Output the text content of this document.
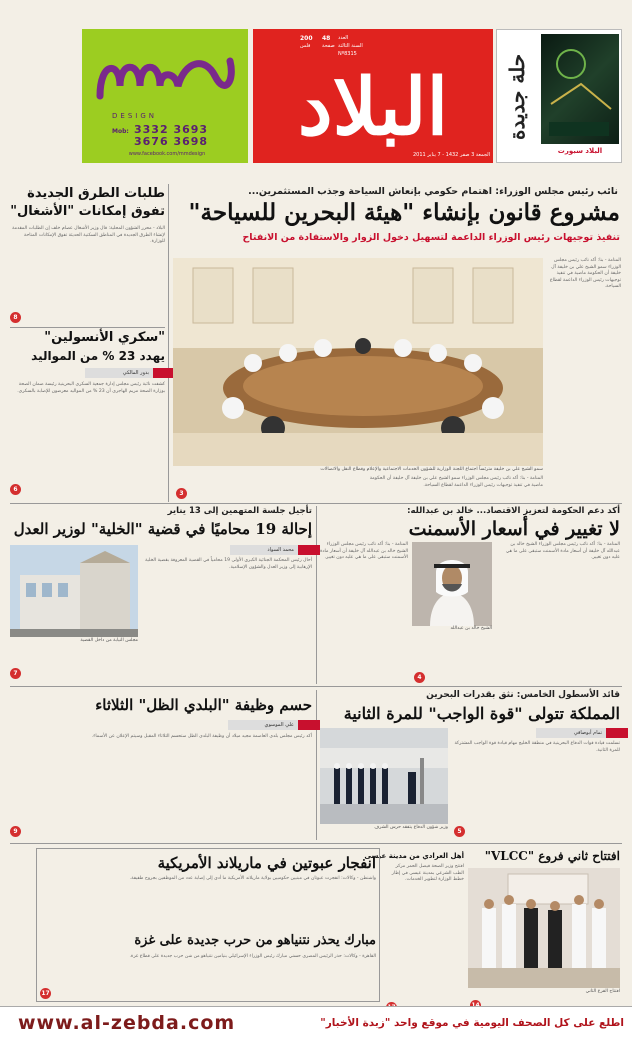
DESIGN
Mob: 3332 3693
3676 3698
www.facebook.com/mmdesign
البلاد
200
فلس
48
صفحة
العدد
السنة الثالثة
Nº8315
الجمعة 3 صفر 1432 - 7 يناير 2011
حلة جديدة
البلاد سبورت
نائب رئيس مجلس الوزراء: اهتمام حكومي بإنعاش السياحة وجذب المستثمرين...
مشروع قانون بإنشاء "هيئة البحرين للسياحة"
تنفيذ توجيهات رئيس الوزراء الداعمة لتسهيل دخول الزوار والاستفادة من الانفتاح
سمو الشيخ علي بن خليفة مترئساً اجتماع اللجنة الوزارية للشؤون الخدمات الاجتماعية والإعلام وقطاع النقل والاتصالات
3
المنامة - بنا: أكد نائب رئيس مجلس الوزراء سمو الشيخ علي بن خليفة آل خليفة أن الحكومة ماضية في تنفيذ توجيهات رئيس الوزراء الداعمة لقطاع السياحة.
المنامة - بنا: أكد نائب رئيس مجلس الوزراء سمو الشيخ علي بن خليفة آل خليفة أن الحكومة ماضية في تنفيذ توجيهات رئيس الوزراء الداعمة لقطاع السياحة.
طلبات الطرق الجديدة
تفوق إمكانات "الأشغال"
البلاد - محرر الشؤون المحلية: قال وزير الأشغال عصام خلف إن الطلبات المقدمة لإنشاء الطرق الجديدة في المناطق السكنية الحديثة تفوق الإمكانات المتاحة للوزارة.
8
"سكري الأنسولين"
يهدد 23 % من المواليد
بدور المالكي
كشفت نائبة رئيس مجلس إدارة جمعية السكري البحرينية رئيسة ضمان الصحة بوزارة الصحة مريم الهاجري أن 23 % من المواليد معرضون للإصابة بالسكري.
6
أكد دعم الحكومة لتعزيز الاقتصاد... خالد بن عبدالله:
لا تغيير في أسعار الأسمنت
الشيخ خالد بن عبدالله
المنامة - بنا: أكد نائب رئيس مجلس الوزراء الشيخ خالد بن عبدالله آل خليفة أن أسعار مادة الأسمنت ستبقى على ما هي عليه دون تغيير.
المنامة - بنا: أكد نائب رئيس مجلس الوزراء الشيخ خالد بن عبدالله آل خليفة أن أسعار مادة الأسمنت ستبقى على ما هي عليه دون تغيير.
4
تأجيل جلسة المتهمين إلى 13 يناير
إحالة 19 محاميًا في قضية "الخلية" لوزير العدل
محمد السواد
أحال رئيس المحكمة الجنائية الكبرى الأولى 19 محامياً في القضية المعروفة بقضية الخلية الإرهابية إلى وزير العدل والشؤون الإسلامية.
مجلس النيابة من داخل القضية
7
قائد الأسطول الخامس: نثق بقدرات البحرين
المملكة تتولى "قوة الواجب" للمرة الثانية
تمام أبوصافي
تسلمت قيادة قوات الدفاع البحرينية في منطقة الخليج مهام قيادة قوة الواجب المشتركة للمرة الثانية.
وزير شؤون الدفاع يتفقد حرس الشرف
5
حسم وظيفة "البلدي الظل" الثلاثاء
علي الموسوي
أكد رئيس مجلس بلدي العاصمة مجيد ميلاد أن وظيفة البلدي الظل ستحسم الثلاثاء المقبل وسيتم الإعلان عن الأسماء.
9
افتتاح ثاني فروع "VLCC"
افتتاح الفرع الثاني
أهل العرادي من مدينة عيسى
افتتح وزير الصحة فيصل الحمر مركز الطب الشرعي بمدينة عيسى في إطار خطط الوزارة لتطوير الخدمات.
انفجار عبوتين في ماريلاند الأمريكية
واشنطن - وكالات: انفجرت عبوتان في مبنيين حكوميين بولاية ماريلاند الأمريكية ما أدى إلى إصابة عدد من الموظفين بجروح طفيفة.
مبارك يحذر نتنياهو من حرب جديدة على غزة
القاهرة - وكالات: حذر الرئيس المصري حسني مبارك رئيس الوزراء الإسرائيلي بنيامين نتنياهو من شن حرب جديدة على قطاع غزة.
17
www.al-zebda.com	اطلع على كل الصحف اليومية في موقع واحد "زبدة الأخبار"
